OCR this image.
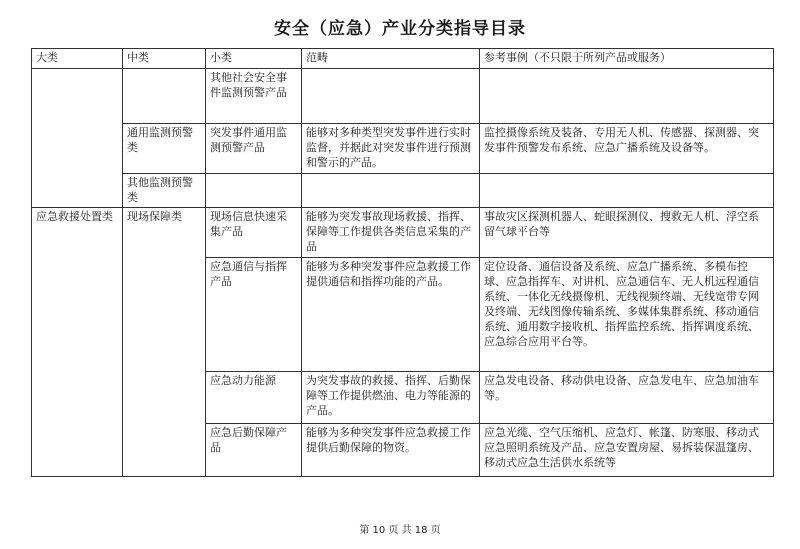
安全（应急）产业分类指导目录
大类	中类	小类	范畴	参考事例（不只限于所列产品或服务）
		其他社会安全事件监测预警产品		
	通用监测预警类	突发事件通用监测预警产品	能够对多种类型突发事件进行实时监督，并据此对突发事件进行预测和警示的产品。	监控摄像系统及装备、专用无人机、传感器、探测器、突发事件预警发布系统、应急广播系统及设备等。
	其他监测预警类			
应急救援处置类	现场保障类	现场信息快速采集产品	能够为突发事故现场救援、指挥、保障等工作提供各类信息采集的产品	事故灾区探测机器人、蛇眼探测仪、搜救无人机、浮空系留气球平台等
		应急通信与指挥产品	能够为多种突发事件应急救援工作提供通信和指挥功能的产品。	定位设备、通信设备及系统、应急广播系统、多模布控球、应急指挥车、对讲机、应急通信车、无人机远程通信系统、一体化无线摄像机、无线视频终端、无线宽带专网及终端、无线图像传输系统、多媒体集群系统、移动通信系统、通用数字接收机、指挥监控系统、指挥调度系统、应急综合应用平台等。
		应急动力能源	为突发事故的救援、指挥、后勤保障等工作提供燃油、电力等能源的产品。	应急发电设备、移动供电设备、应急发电车、应急加油车等。
		应急后勤保障产品	能够为多种突发事件应急救援工作提供后勤保障的物资。	应急光缆、空气压缩机、应急灯、帐篷、防寒服、移动式应急照明系统及产品、应急安置房屋、易拆装保温篷房、移动式应急生活供水系统等
第 10 页 共 18 页
